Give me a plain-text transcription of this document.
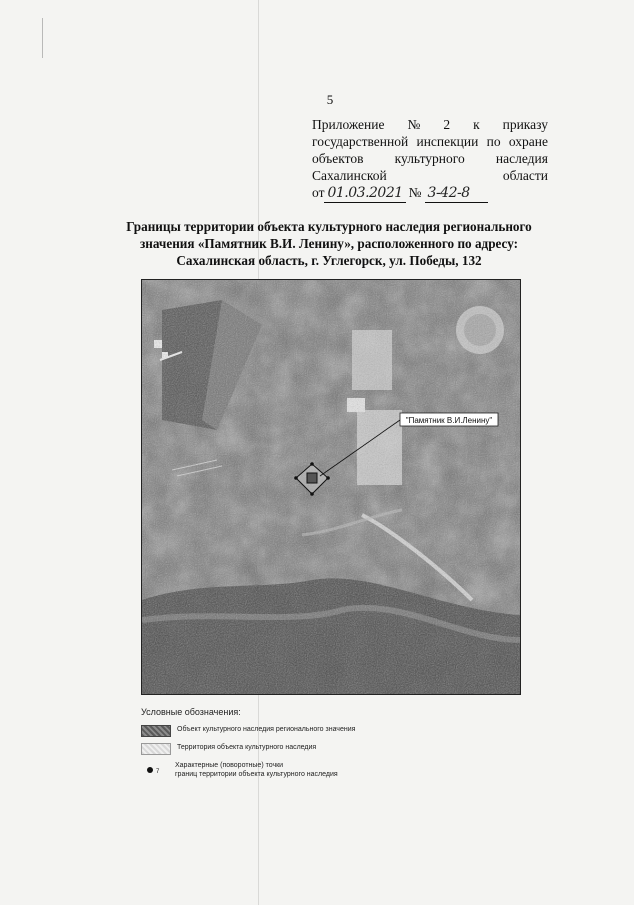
5
Приложение № 2 к приказу
государственной инспекции по охране
объектов культурного наследия
Сахалинской	области
от 01.03.2021 № 3-42-8
Границы территории объекта культурного наследия регионального
значения «Памятник В.И. Ленину», расположенного по адресу:
Сахалинская область, г. Углегорск, ул. Победы, 132
"Памятник В.И.Ленину"
Условные обозначения:
Объект культурного наследия регионального значения
Территория объекта культурного наследия
7
Характерные (поворотные) точки
границ территории объекта культурного наследия
